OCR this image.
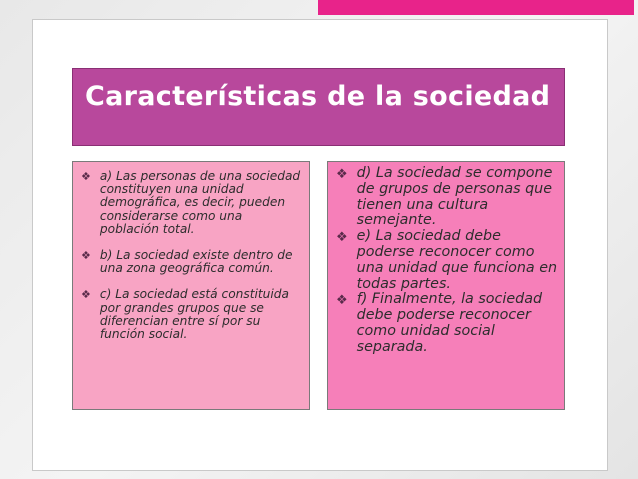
Características de la sociedad
❖ a) Las personas de una sociedad constituyen una unidad demográfica, es decir, pueden considerarse como una población total.
❖ b) La sociedad existe dentro de una zona geográfica común.
❖ c) La sociedad está constituida por grandes grupos que se diferencian entre sí por su función social.
❖ d) La sociedad se compone de grupos de personas que tienen una cultura semejante.
❖ e) La sociedad debe poderse reconocer como una unidad que funciona en todas partes.
❖ f) Finalmente, la sociedad debe poderse reconocer como unidad social separada.
